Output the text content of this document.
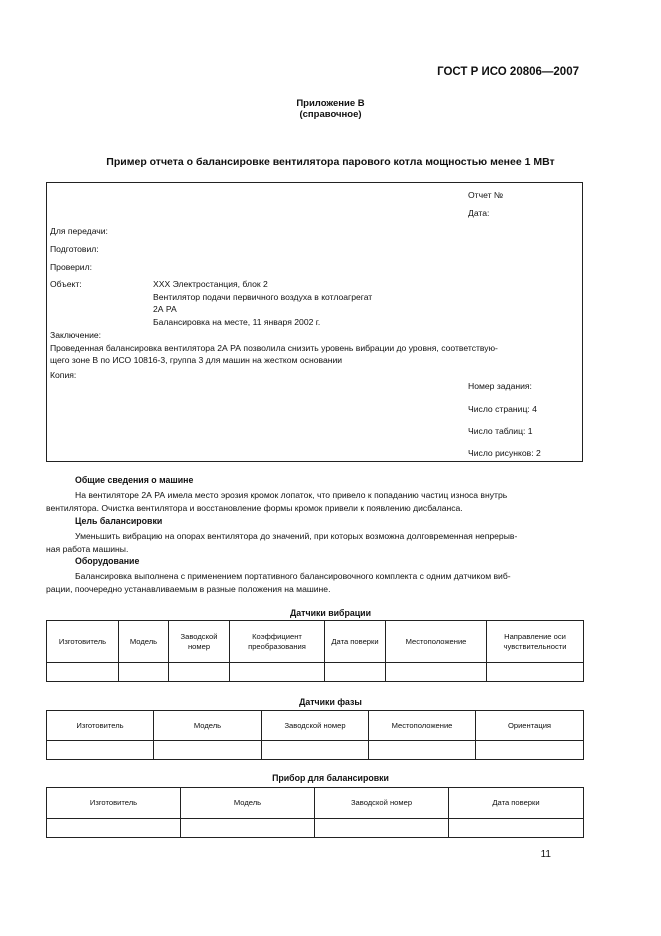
ГОСТ Р ИСО 20806—2007
Приложение В
(справочное)
Пример отчета о балансировке вентилятора парового котла мощностью менее 1 МВт
Отчет №
Дата:
Для передачи:
Подготовил:
Проверил:
Объект:	ХХХ Электростанция, блок 2
Вентилятор подачи первичного воздуха в котлоагрегат
2А РА
Балансировка на месте, 11 января 2002 г.
Заключение:
Проведенная балансировка вентилятора 2А РА позволила снизить уровень вибрации до уровня, соответствую-
щего зоне В по ИСО 10816-3, группа 3 для машин на жестком основании
Копия:
Номер задания:
Число страниц: 4
Число таблиц: 1
Число рисунков: 2
Общие сведения о машине
На вентиляторе 2А РА имела место эрозия кромок лопаток, что привело к попаданию частиц износа внутрь
вентилятора. Очистка вентилятора и восстановление формы кромок привели к появлению дисбаланса.
Цель балансировки
Уменьшить вибрацию на опорах вентилятора до значений, при которых возможна долговременная непрерыв-
ная работа машины.
Оборудование
Балансировка выполнена с применением портативного балансировочного комплекта с одним датчиком виб-
рации, поочередно устанавливаемым в разные положения на машине.
Датчики вибрации
Изготовитель	Модель	Заводской номер	Коэффициент преобразования	Дата поверки	Местоположение	Направление оси чувствительности

Датчики фазы
Изготовитель	Модель	Заводской номер	Местоположение	Ориентация

Прибор для балансировки
Изготовитель	Модель	Заводской номер	Дата поверки

11
